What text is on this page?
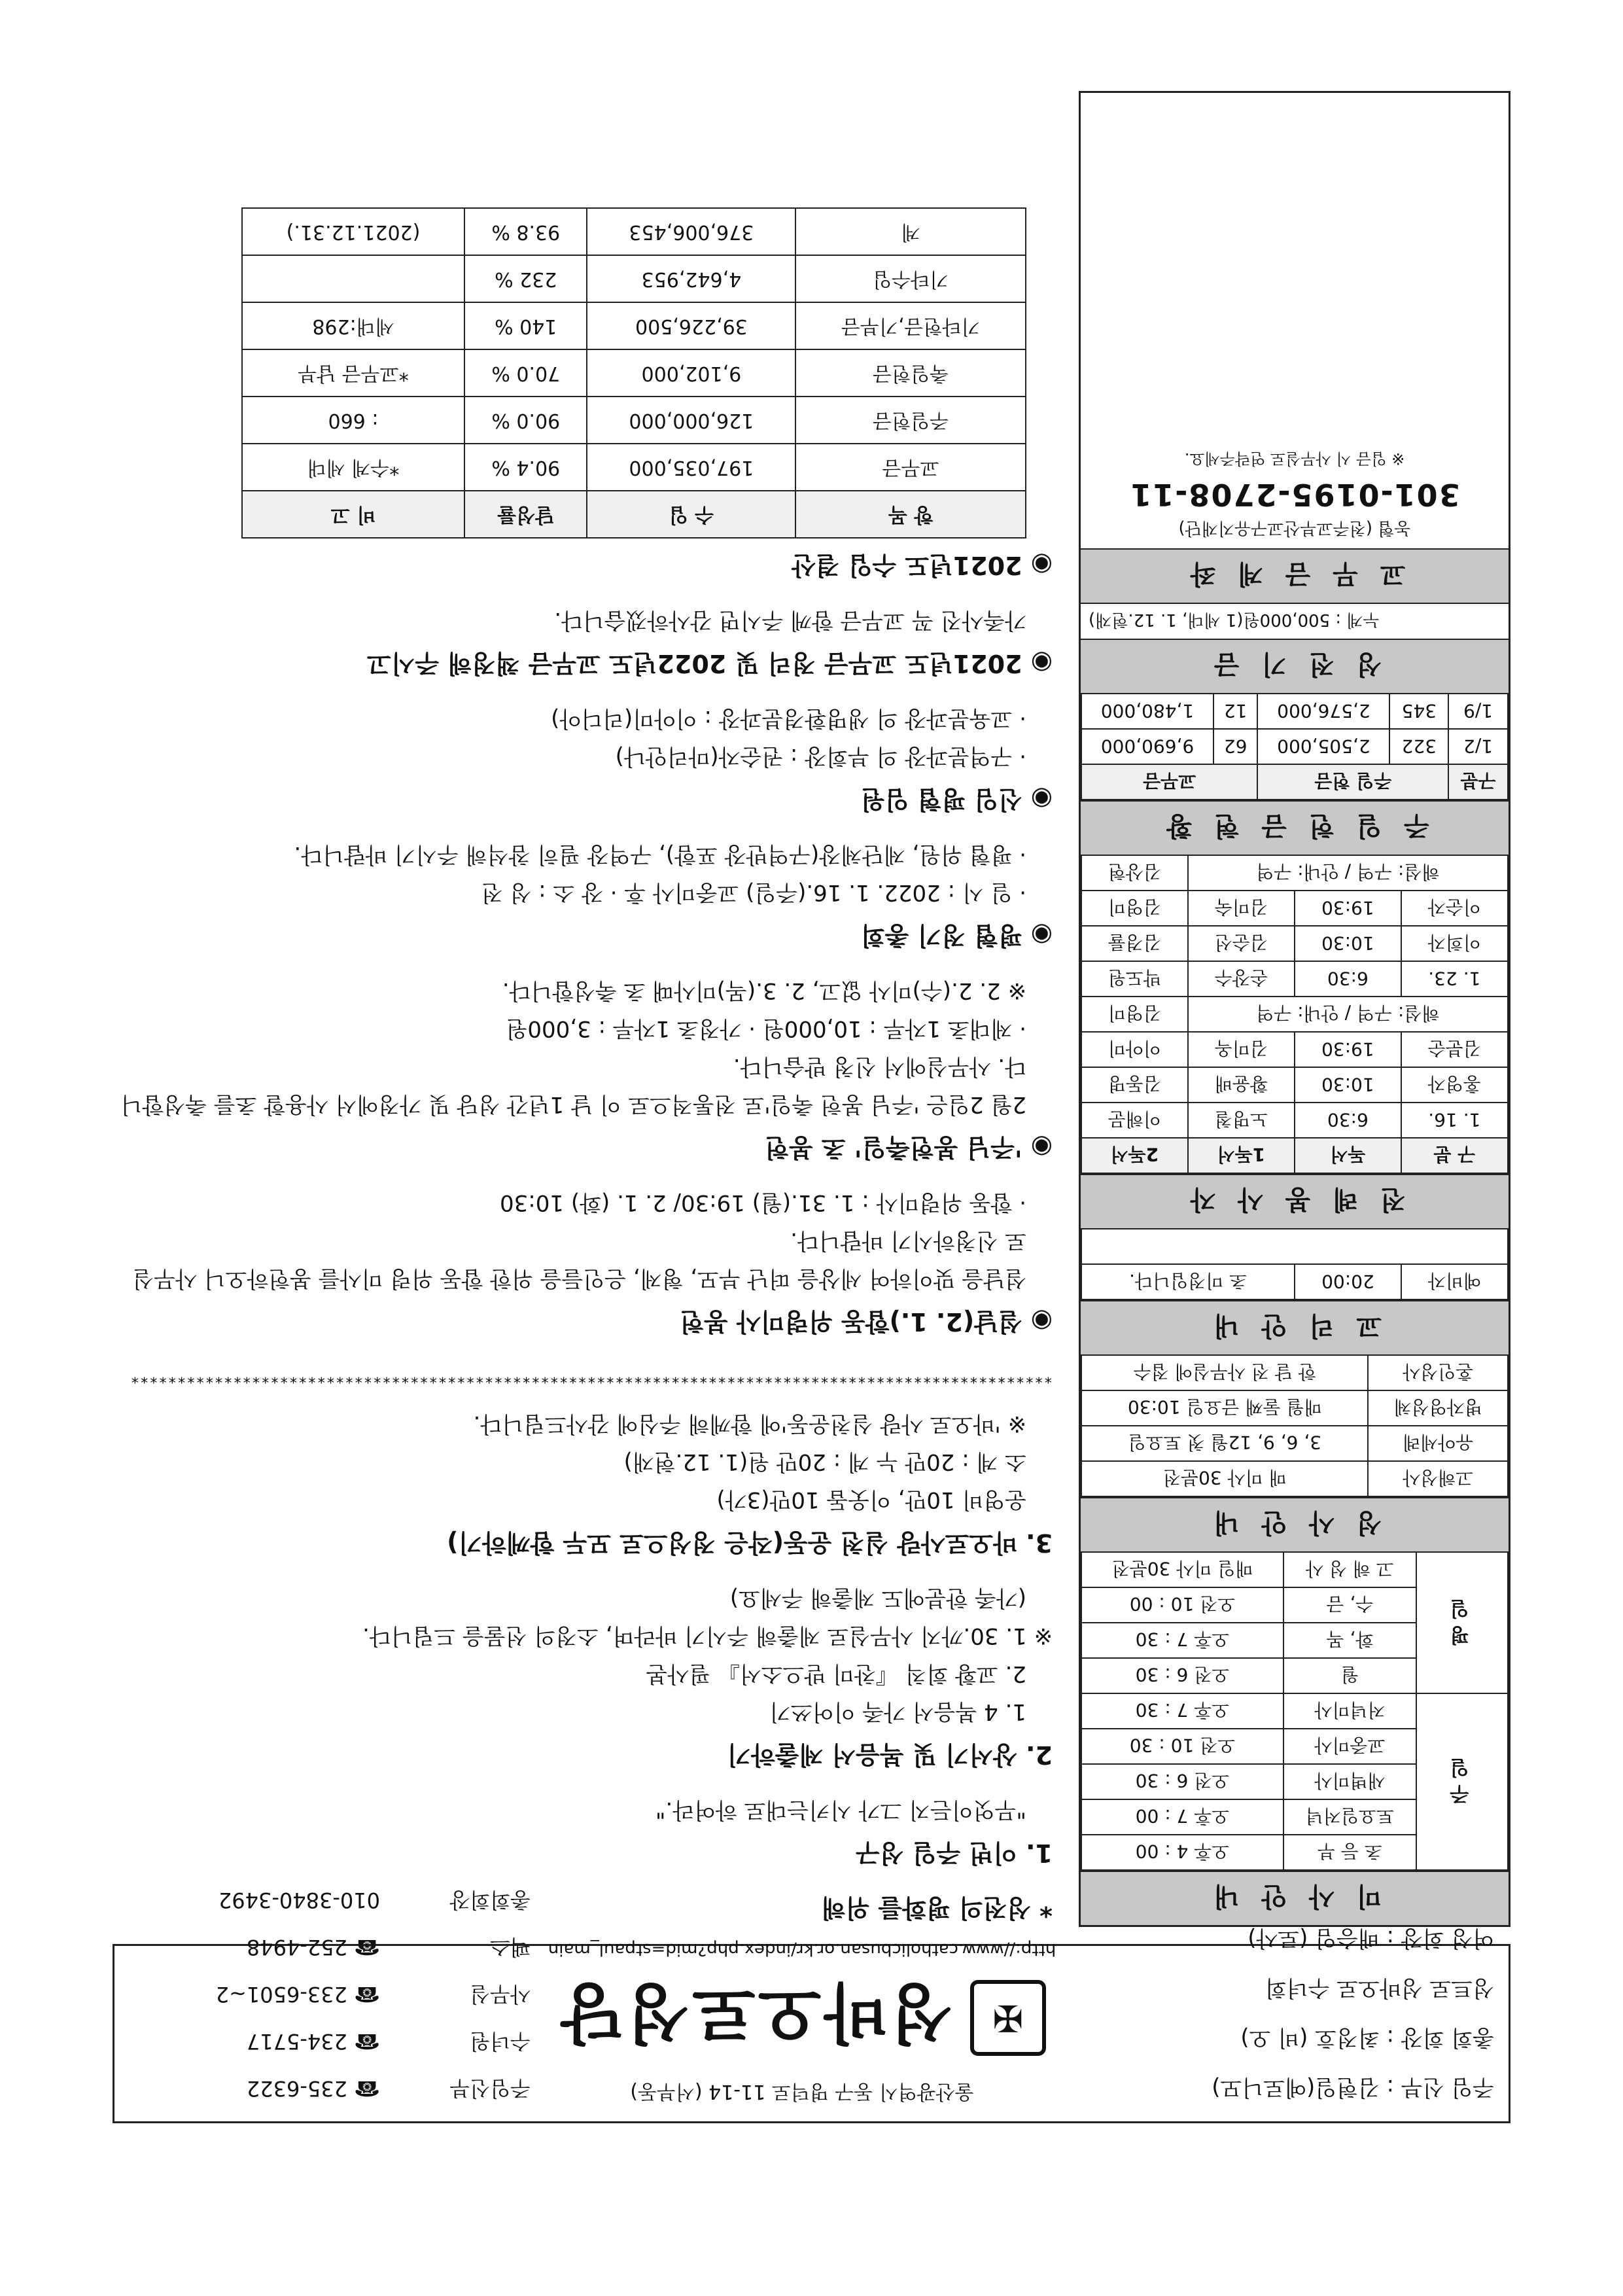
주임 신부 : 김현일(예로니모)
총회 회장 : 최정호 (비 오)
성트로 성바오로 수녀회
여성 회장 : 배승임 (로사)
울산광역시 동구 명덕로 11-14 (서부동)
✠
성바오로성당
http://www.catholicbusan.or.kr/index.php?mid=stpaul_main
주임신부☎ 235-6322
수녀원☎ 234-5717
사무실☎ 233-6501~2
팩스☎ 252-4948
총회회장010-3840-3492	미 사 안 내
주 일	초 등 부	오후 4 : 00
	토요일저녁	오후 7 : 00
	새벽미사	오전 6 : 30
	교중미사	오전 10 : 30
	저녁미사	오후 7 : 30
평 일	월	오전 6 : 30
	화, 목	오후 7 : 30
	수, 금	오전 10 : 00
	고 해 성 사	매일 미사 30분전
성 사 안 내
고해성사	매 미사 30분전
유아세례	3, 6, 9, 12월 첫 토요일
병자영성체	매월 둘째 금요일 10:30
혼인성사	한 달 전 사무실에 접수
교 리 안 내
예비자	20:00	초 미정입니다.

전 례 봉 사 자
구 분	독서	1독서	2독서
1. 16.	6:30	노명철	이해문
홍영자	10:30	황윤배	김동명
김분순	19:30	김미옥	이아미
해설: 구역 / 안내: 구역			김영미
1. 23.	6:30	손장수	박도원
이희자	10:30	김순선	김경률
이순자	19:30	김미숙	김영미
해설: 구역 / 안내: 구역			김상현
주 일 헌 금 현 황
구분	주일 헌금		교무금	
1/2	322	2,505,000	62	9,690,000
1/9	345	2,576,000	12	1,480,000
성 전 기 금
누계 : 500,000원(1 세대, 1. 12.현재)
교 무 금 계 좌
농협 (천주교부산교구유지재단)
301-0195-2708-11
※ 입금 시 사무실로 연락주세요.
* 성전의 평화를 위해
1. 이번 주일 성구

"무엇이든지 그가 시키는대로 하여라."

2. 상서기 및 복음서 제출하기

1. 4 복음서 가족 이어쓰기

2. 교황 회칙 『찬미 받으소서』 필사본

※ 1. 30.까지 사무실로 제출해 주시기 바라며, 소정의 선물을 드립니다.

(가족 한분에도 제출해 주세요)

3. 바오로사랑 실천 운동(작은 정성으로 모두 함께하기)

운영비 10만, 이웃돕 10만(3가)

소 계 : 20만 누 계 : 20만 원(1. 12.현재)

※ '바오로 사랑 실천운동'에 함께해 주심에 감사드립니다.

***************************************************************************************************
◉ 설날(2. 1.)합동 위령미사 봉헌

설날을 맞이하여 세상을 떠난 부모, 형제, 은인들을 위한 합동 위령 미사를 봉헌하오니 사무실로 신청하시기 바랍니다.

· 합동 위령미사 : 1. 31.(월) 19:30/ 2. 1. (화) 10:30

◉ '주님 봉헌축일' 초 봉헌

2월 2일은 '주님 봉헌 축일'로 전통적으로 이 날 1년간 성당 및 가정에서 사용할 초를 축성합니다. 사무실에서 신청 받습니다.

· 제대초 1자루 : 10,000원 · 가정초 1자루 : 3,000원

※ 2. 2.(수)미사 없고, 2. 3.(목)미사때 초 축성합니다.

◉ 평협 정기 총회

· 일 시 : 2022. 1. 16.(주일) 교중미사 후 · 장 소 : 성 전

· 평협 위원, 제단체장(구역반장 포함), 구역장 필히 참석해 주시기 바랍니다.

◉ 신임 평협 임원

· 구역분과장 의 부회장 : 권순자(마리안나)

· 교육분과장 의 생명환경분과장 : 이아미(리디아)

◉ 2021년도 교무금 정리 및 2022년도 교무금 책정해 주시고

가족사진 꼭 교무금 함께 주시면 감사하겠습니다.

◉ 2021년도 수입 결산
항 목	수 입	달성률	비 고
교무금	197,035,000	90.4 %	*수계 세대
주일헌금	126,000,000	90.0 %	: 660
축일헌금	9,102,000	70.0 %	*교무금 납부
기타헌금,기부금	39,226,500	140 %	세대:298
기타수입	4,642,953	232 %	
계	376,006,453	93.8 %	(2021.12.31.)
